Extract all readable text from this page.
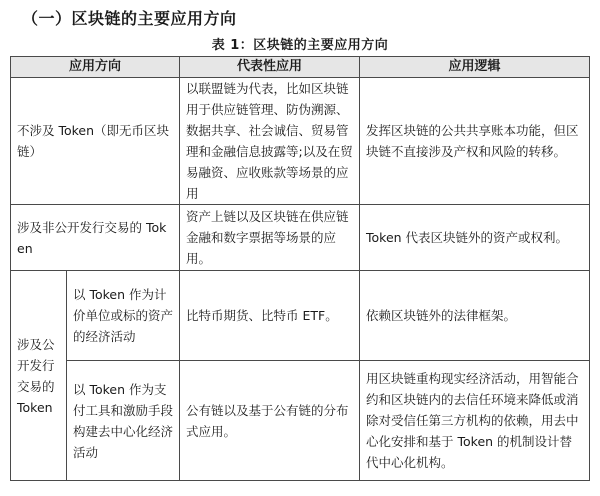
（一）区块链的主要应用方向
表 1：区块链的主要应用方向
应用方向		代表性应用	应用逻辑
不涉及 Token（即无币区块链）		以联盟链为代表，比如区块链用于供应链管理、防伪溯源、数据共享、社会诚信、贸易管理和金融信息披露等;以及在贸易融资、应收账款等场景的应用	发挥区块链的公共共享账本功能，但区块链不直接涉及产权和风险的转移。
涉及非公开发行交易的 Token		资产上链以及区块链在供应链金融和数字票据等场景的应用。	Token 代表区块链外的资产或权利。
涉及公开发行交易的 Token	以 Token 作为计价单位或标的资产的经济活动	比特币期货、比特币 ETF。	依赖区块链外的法律框架。
	以 Token 作为支付工具和激励手段构建去中心化经济活动	公有链以及基于公有链的分布式应用。	用区块链重构现实经济活动，用智能合约和区块链内的去信任环境来降低或消除对受信任第三方机构的依赖，用去中心化安排和基于 Token 的机制设计替代中心化机构。
